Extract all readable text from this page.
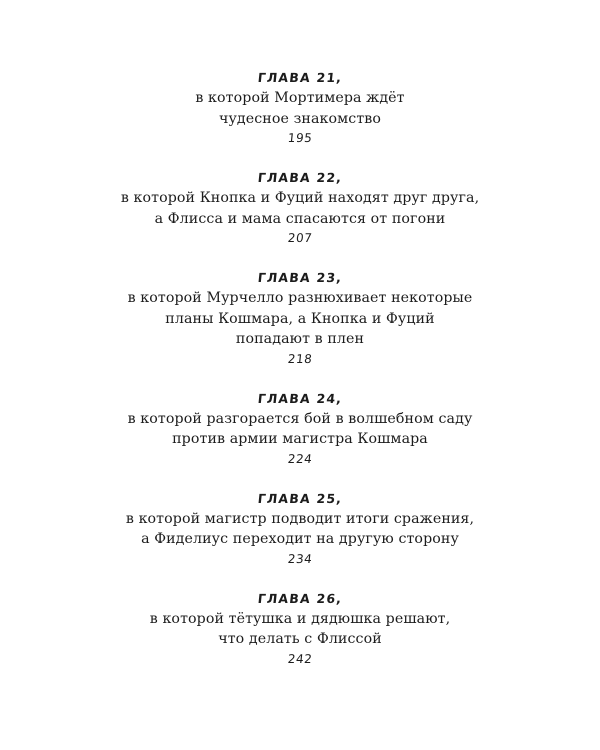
ГЛАВА 21,
в которой Мортимера ждёт
чудесное знакомство
195
ГЛАВА 22,
в которой Кнопка и Фуций находят друг друга,
а Флисса и мама спасаются от погони
207
ГЛАВА 23,
в которой Мурчелло разнюхивает некоторые
планы Кошмара, а Кнопка и Фуций
попадают в плен
218
ГЛАВА 24,
в которой разгорается бой в волшебном саду
против армии магистра Кошмара
224
ГЛАВА 25,
в которой магистр подводит итоги сражения,
а Фиделиус переходит на другую сторону
234
ГЛАВА 26,
в которой тётушка и дядюшка решают,
что делать с Флиссой
242
